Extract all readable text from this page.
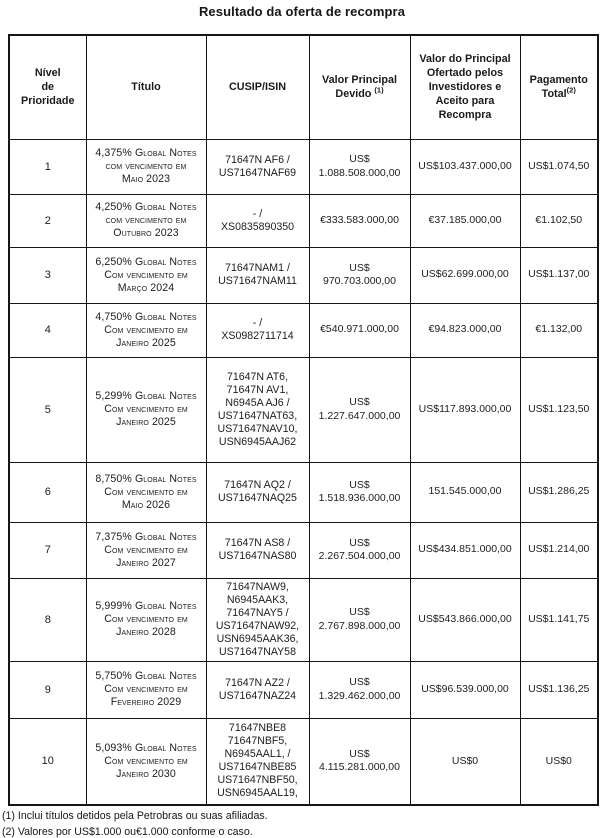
Resultado da oferta de recompra
Nível
de
Prioridade	Título	CUSIP/ISIN	Valor Principal Devido $^{(1)}$	Valor do Principal Ofertado pelos Investidores e Aceito para Recompra	Pagamento Total$^{(2)}$
1	4,375% Global Notes
com vencimento em
Maio 2023	71647N AF6 /
US71647NAF69	US$
1.088.508.000,00	US$103.437.000,00	US$1.074,50
2	4,250% Global Notes
com vencimento em
Outubro 2023	- /
XS0835890350	€333.583.000,00	€37.185.000,00	€1.102,50
3	6,250% Global Notes
Com vencimento em
Março 2024	71647NAM1 /
US71647NAM11	US$ 970.703.000,00	US$62.699.000,00	US$1.137,00
4	4,750% Global Notes
Com vencimento em
Janeiro 2025	- /
XS0982711714	€540.971.000,00	€94.823.000,00	€1.132,00
5	5,299% Global Notes
Com vencimento em
Janeiro 2025	71647N AT6,
71647N AV1,
N6945A AJ6 /
US71647NAT63,
US71647NAV10,
USN6945AAJ62	US$
1.227.647.000,00	US$117.893.000,00	US$1.123,50
6	8,750% Global Notes
Com vencimento em
Maio 2026	71647N AQ2 /
US71647NAQ25	US$
1.518.936.000,00	151.545.000,00	US$1.286,25
7	7,375% Global Notes
Com vencimento em
Janeiro 2027	71647N AS8 /
US71647NAS80	US$
2.267.504.000,00	US$434.851.000,00	US$1.214,00
8	5,999% Global Notes
Com vencimento em
Janeiro 2028	71647NAW9,
N6945AAK3,
71647NAY5 /
US71647NAW92,
USN6945AAK36,
US71647NAY58	US$
2.767.898.000,00	US$543.866.000,00	US$1.141,75
9	5,750% Global Notes
Com vencimento em
Fevereiro 2029	71647N AZ2 /
US71647NAZ24	US$
1.329.462.000,00	US$96.539.000,00	US$1.136,25
10	5,093% Global Notes
Com vencimento em
Janeiro 2030	71647NBE8
71647NBF5,
N6945AAL1, /
US71647NBE85
US71647NBF50,
USN6945AAL19,	US$
4.115.281.000,00	US$0	US$0
(1) Inclui títulos detidos pela Petrobras ou suas afiliadas.
(2) Valores por US$1.000 ou€1.000 conforme o caso.
